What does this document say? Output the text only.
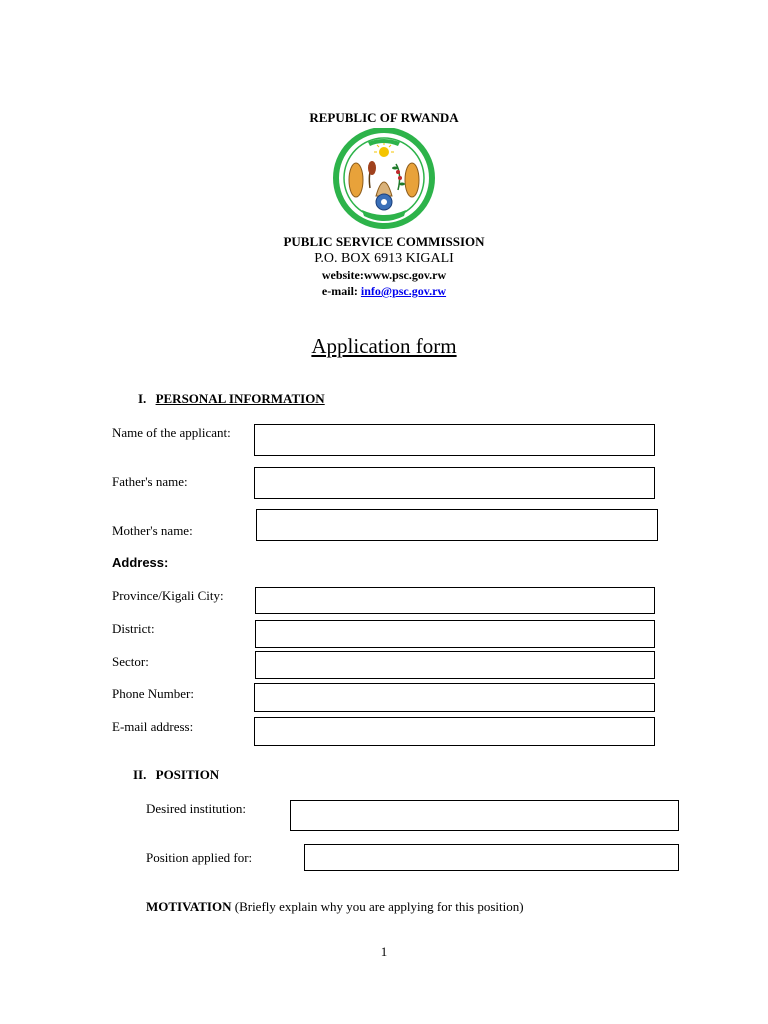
REPUBLIC OF RWANDA
PUBLIC SERVICE COMMISSION
P.O. BOX 6913 KIGALI
website:www.psc.gov.rw
e-mail: info@psc.gov.rw
Application form
I. PERSONAL INFORMATION
Name of the applicant:
Father's name:
Mother's name:
Address:
Province/Kigali City:
District:
Sector:
Phone Number:
E-mail address:
II. POSITION
Desired institution:
Position applied for:
MOTIVATION (Briefly explain why you are applying for this position)
1
